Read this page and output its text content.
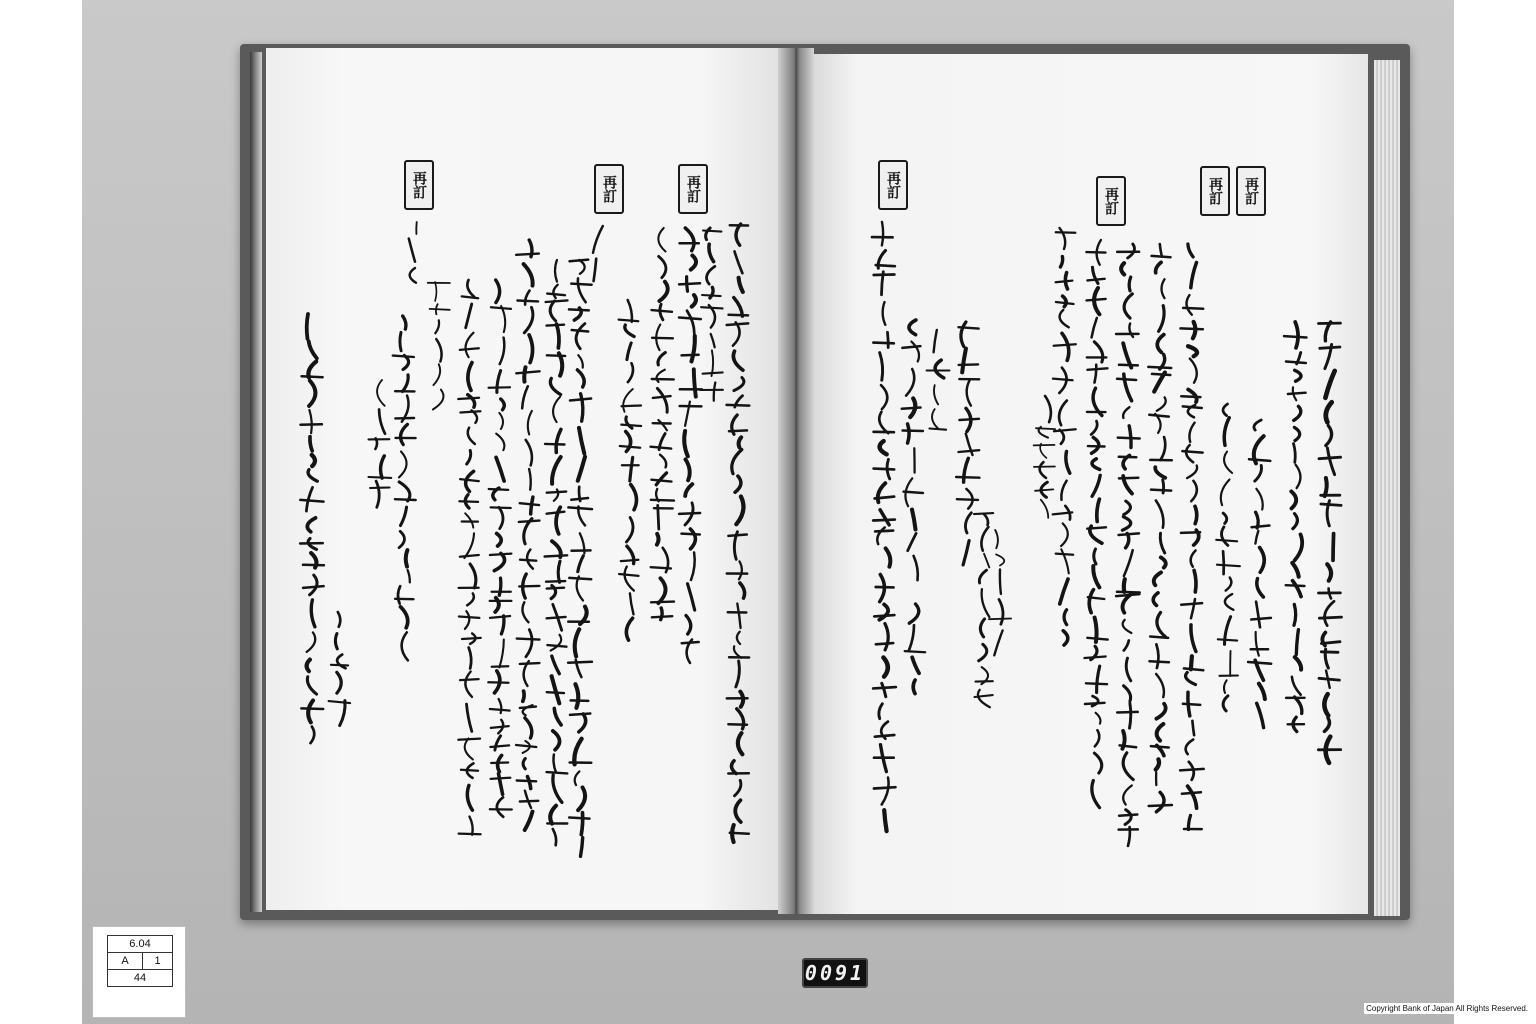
再訂
再訂
再訂
再訂
再訂
再訂
再訂
6.04
A	1
44	0091
Copyright Bank of Japan All Rights Reserved.
